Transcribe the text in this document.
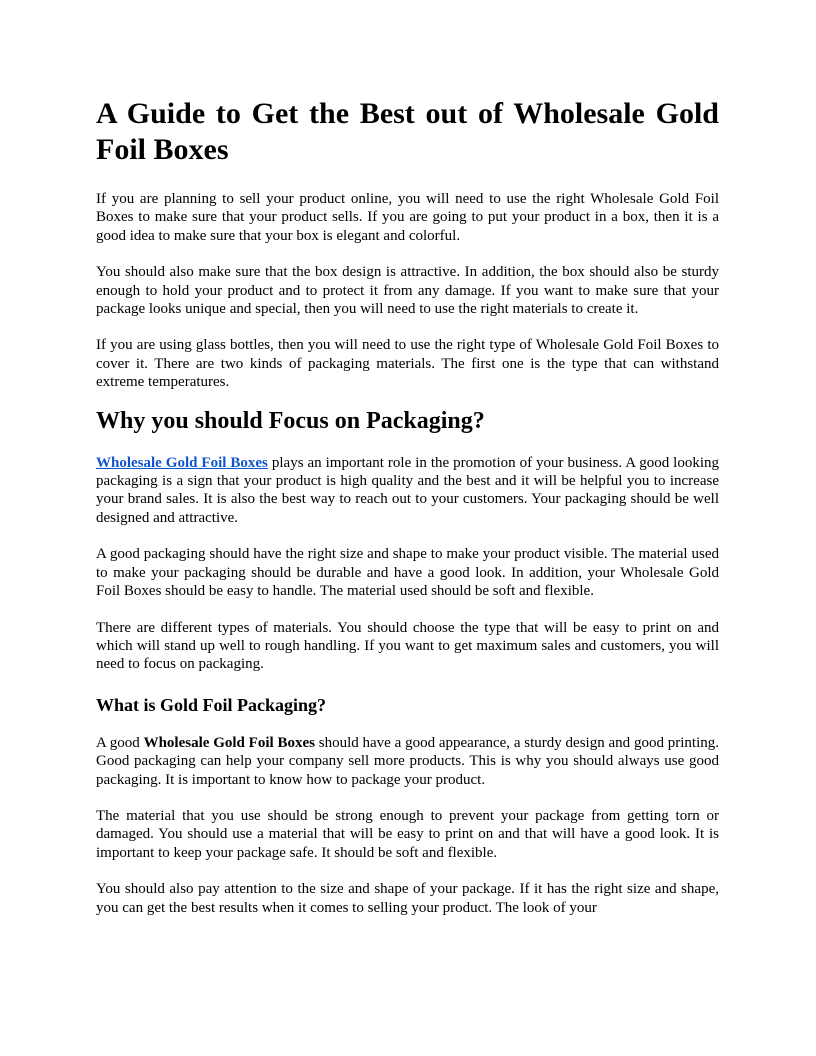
A Guide to Get the Best out of Wholesale Gold
Foil Boxes

If you are planning to sell your product online, you will need to use the right Wholesale Gold Foil Boxes to make sure that your product sells. If you are going to put your product in a box, then it is a good idea to make sure that your box is elegant and colorful.

You should also make sure that the box design is attractive. In addition, the box should also be sturdy enough to hold your product and to protect it from any damage. If you want to make sure that your package looks unique and special, then you will need to use the right materials to create it.

If you are using glass bottles, then you will need to use the right type of Wholesale Gold Foil Boxes to cover it. There are two kinds of packaging materials. The first one is the type that can withstand extreme temperatures.

Why you should Focus on Packaging?

Wholesale Gold Foil Boxes plays an important role in the promotion of your business. A good looking packaging is a sign that your product is high quality and the best and it will be helpful you to increase your brand sales. It is also the best way to reach out to your customers. Your packaging should be well designed and attractive.

A good packaging should have the right size and shape to make your product visible. The material used to make your packaging should be durable and have a good look. In addition, your Wholesale Gold Foil Boxes should be easy to handle. The material used should be soft and flexible.

There are different types of materials. You should choose the type that will be easy to print on and which will stand up well to rough handling. If you want to get maximum sales and customers, you will need to focus on packaging.

What is Gold Foil Packaging?

A good Wholesale Gold Foil Boxes should have a good appearance, a sturdy design and good printing. Good packaging can help your company sell more products. This is why you should always use good packaging. It is important to know how to package your product.

The material that you use should be strong enough to prevent your package from getting torn or damaged. You should use a material that will be easy to print on and that will have a good look. It is important to keep your package safe. It should be soft and flexible.

You should also pay attention to the size and shape of your package. If it has the right size and shape, you can get the best results when it comes to selling your product. The look of your
